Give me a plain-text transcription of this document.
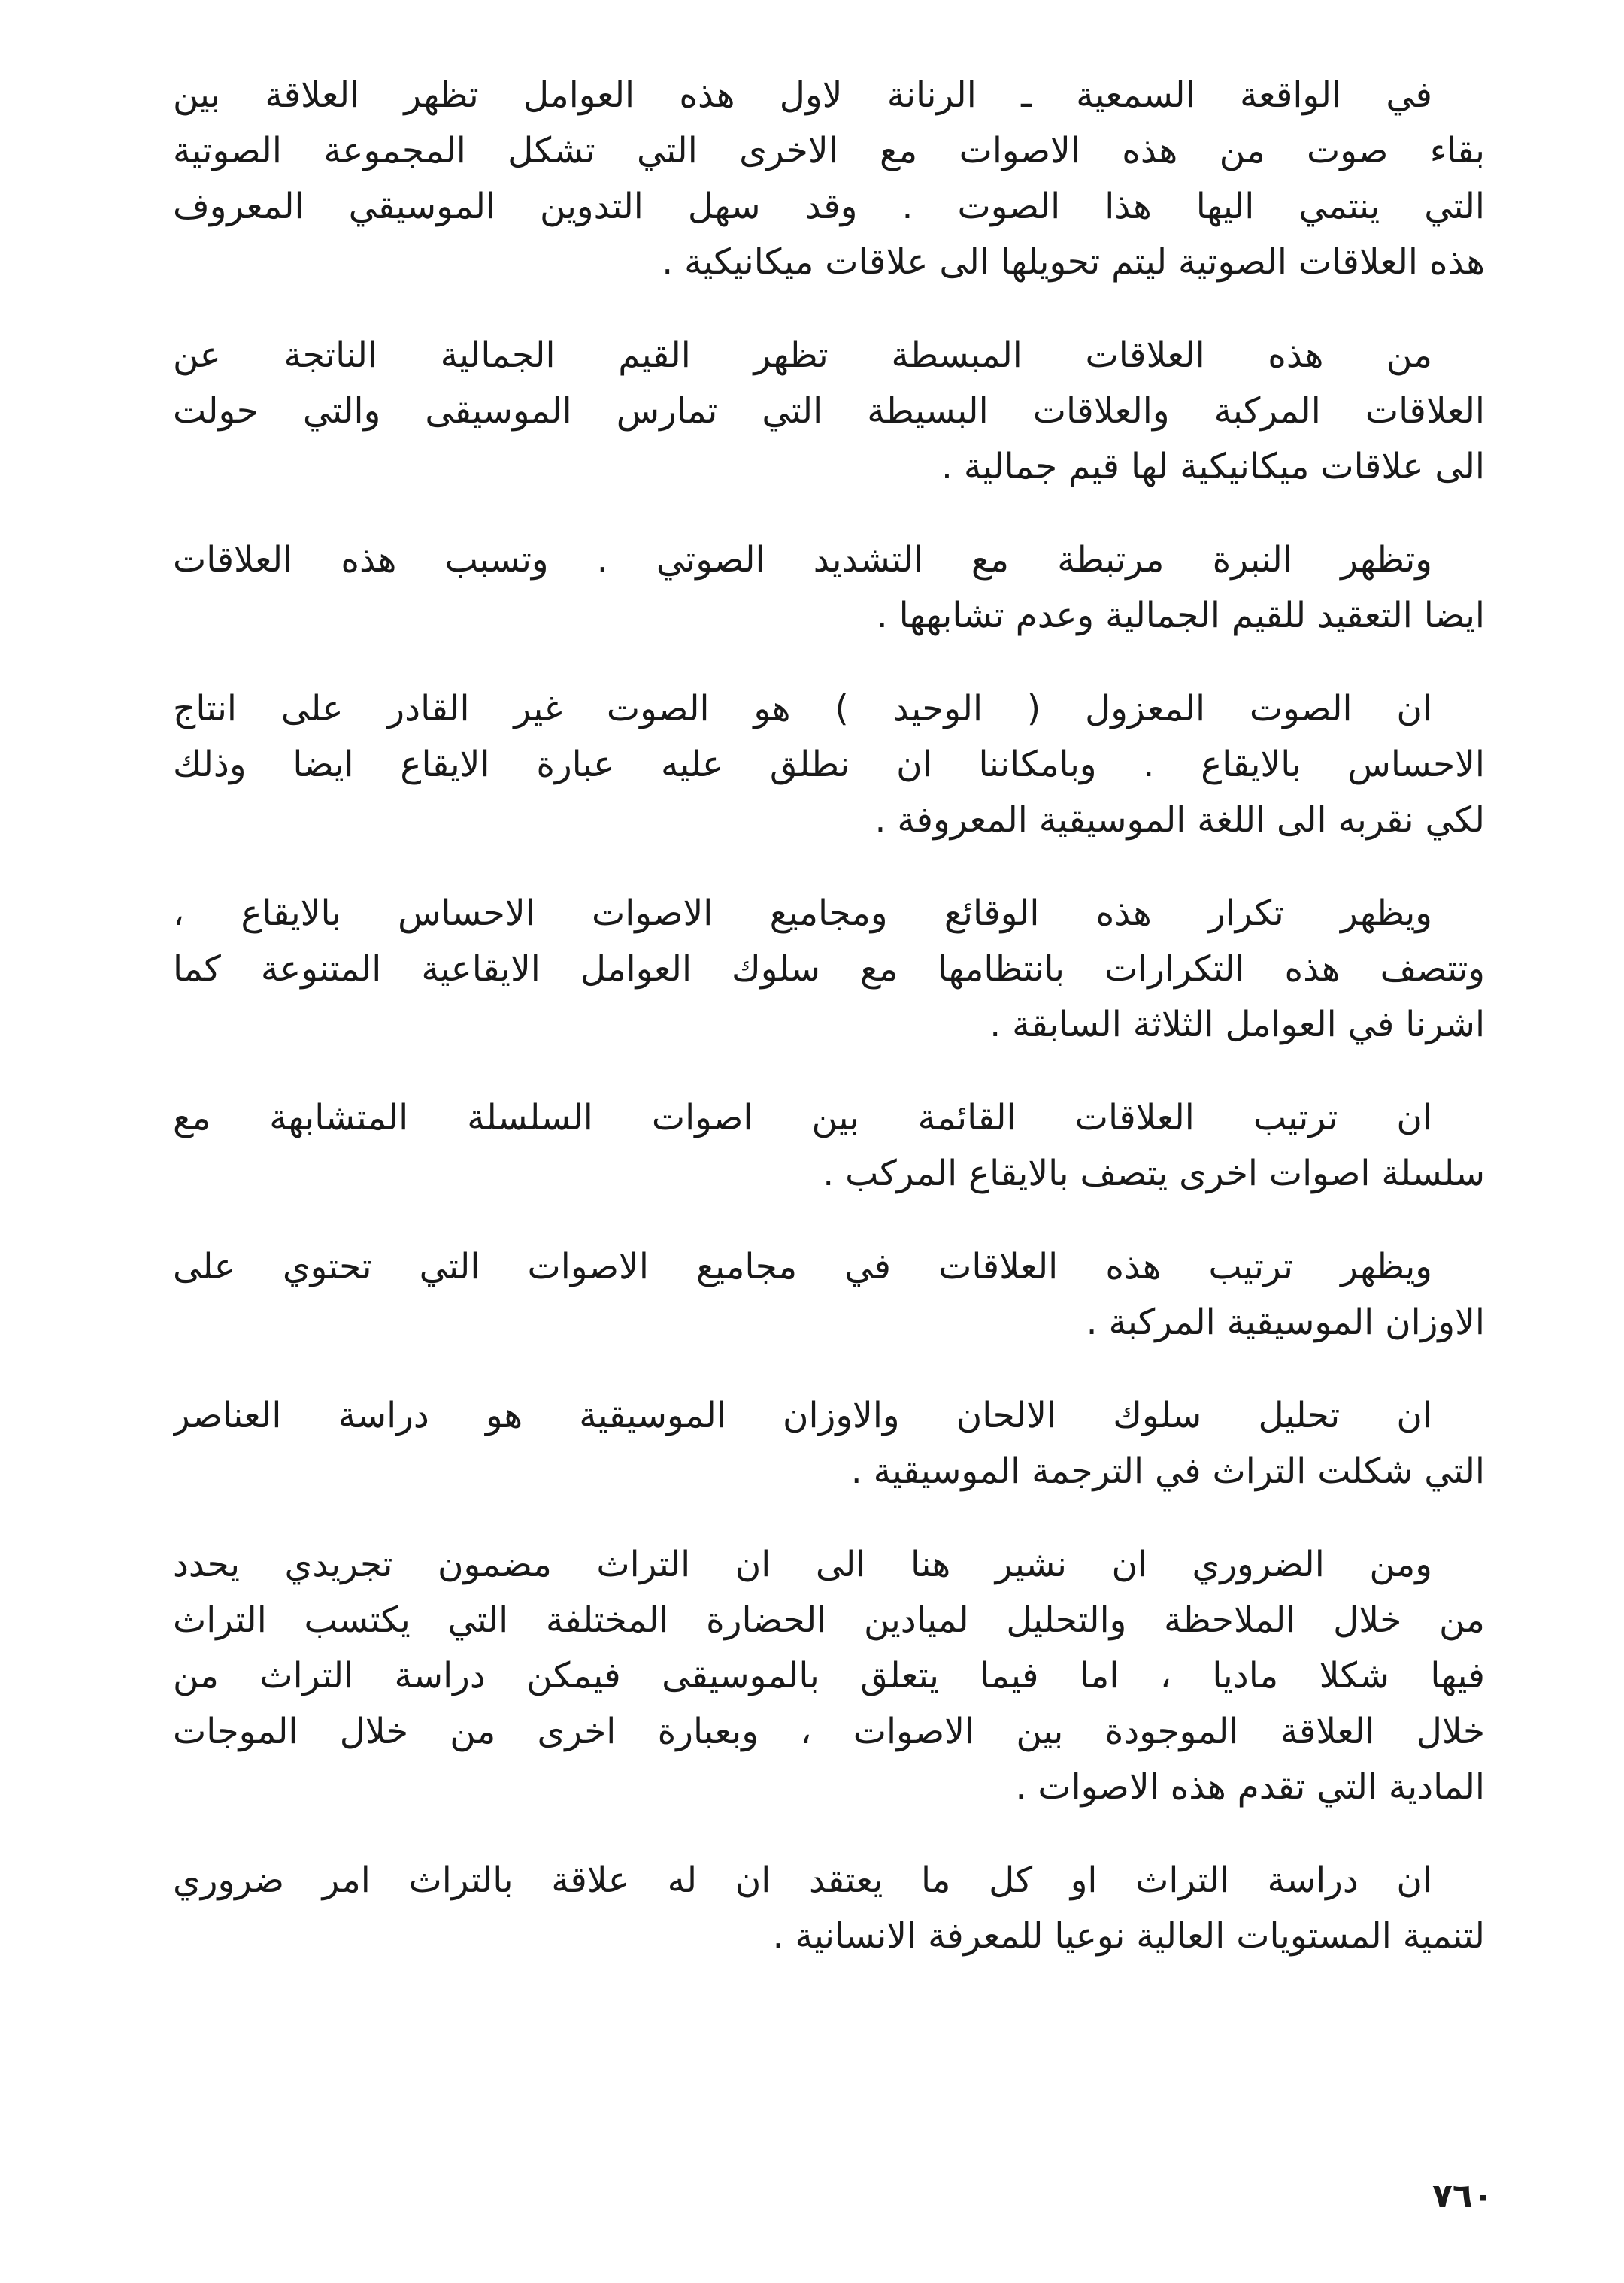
في الواقعة السمعية ـ الرنانة لاول هذه العوامل تظهر العلاقة بين
بقاء صوت من هذه الاصوات مع الاخرى التي تشكل المجموعة الصوتية
التي ينتمي اليها هذا الصوت . وقد سهل التدوين الموسيقي المعروف
هذه العلاقات الصوتية ليتم تحويلها الى علاقات ميكانيكية .
من هذه العلاقات المبسطة تظهر القيم الجمالية الناتجة عن
العلاقات المركبة والعلاقات البسيطة التي تمارس الموسيقى والتي حولت
الى علاقات ميكانيكية لها قيم جمالية .
وتظهر النبرة مرتبطة مع التشديد الصوتي . وتسبب هذه العلاقات
ايضا التعقيد للقيم الجمالية وعدم تشابهها .
ان الصوت المعزول ( الوحيد ) هو الصوت غير القادر على انتاج
الاحساس بالايقاع . وبامكاننا ان نطلق عليه عبارة الايقاع ايضا وذلك
لكي نقربه الى اللغة الموسيقية المعروفة .
ويظهر تكرار هذه الوقائع ومجاميع الاصوات الاحساس بالايقاع ،
وتتصف هذه التكرارات بانتظامها مع سلوك العوامل الايقاعية المتنوعة كما
اشرنا في العوامل الثلاثة السابقة .
ان ترتيب العلاقات القائمة بين اصوات السلسلة المتشابهة مع
سلسلة اصوات اخرى يتصف بالايقاع المركب .
ويظهر ترتيب هذه العلاقات في مجاميع الاصوات التي تحتوي على
الاوزان الموسيقية المركبة .
ان تحليل سلوك الالحان والاوزان الموسيقية هو دراسة العناصر
التي شكلت التراث في الترجمة الموسيقية .
ومن الضروري ان نشير هنا الى ان التراث مضمون تجريدي يحدد
من خلال الملاحظة والتحليل لميادين الحضارة المختلفة التي يكتسب التراث
فيها شكلا ماديا ، اما فيما يتعلق بالموسيقى فيمكن دراسة التراث من
خلال العلاقة الموجودة بين الاصوات ، وبعبارة اخرى من خلال الموجات
المادية التي تقدم هذه الاصوات .
ان دراسة التراث او كل ما يعتقد ان له علاقة بالتراث امر ضروري
لتنمية المستويات العالية نوعيا للمعرفة الانسانية .
٧٦٠
